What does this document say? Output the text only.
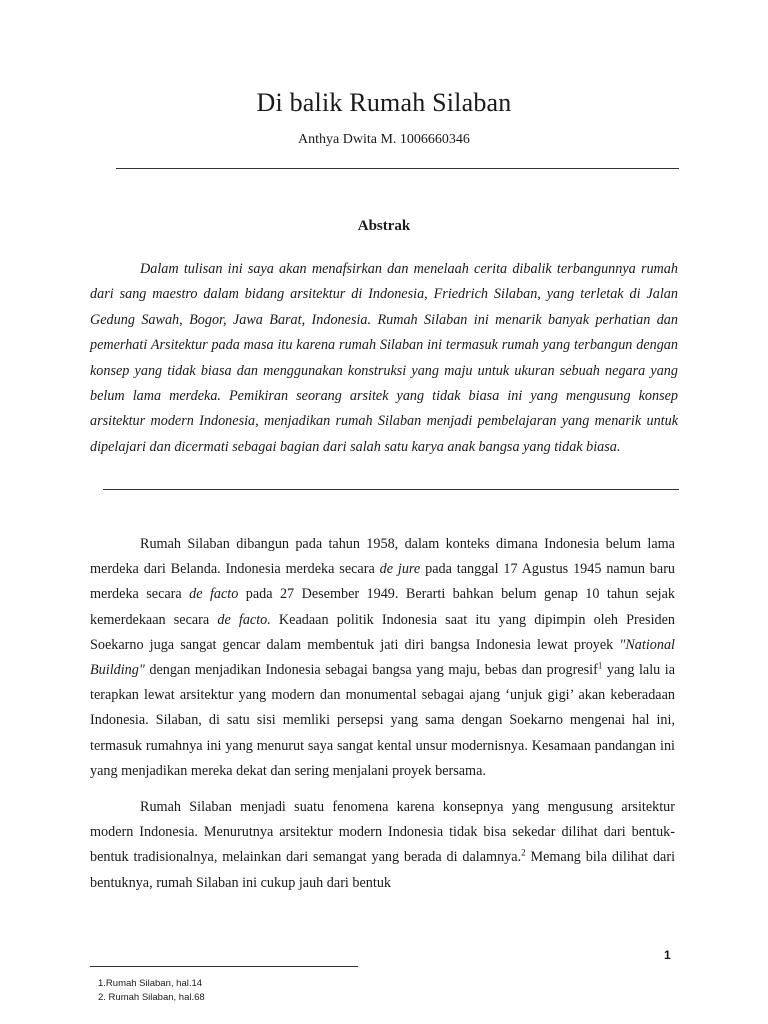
Di balik Rumah Silaban
Anthya Dwita M. 1006660346
Abstrak

Dalam tulisan ini saya akan menafsirkan dan menelaah cerita dibalik terbangunnya rumah dari sang maestro dalam bidang arsitektur di Indonesia, Friedrich Silaban, yang terletak di Jalan Gedung Sawah, Bogor, Jawa Barat, Indonesia. Rumah Silaban ini menarik banyak perhatian dan pemerhati Arsitektur pada masa itu karena rumah Silaban ini termasuk rumah yang terbangun dengan konsep yang tidak biasa dan menggunakan konstruksi yang maju untuk ukuran sebuah negara yang belum lama merdeka. Pemikiran seorang arsitek yang tidak biasa ini yang mengusung konsep arsitektur modern Indonesia, menjadikan rumah Silaban menjadi pembelajaran yang menarik untuk dipelajari dan dicermati sebagai bagian dari salah satu karya anak bangsa yang tidak biasa.

Rumah Silaban dibangun pada tahun 1958, dalam konteks dimana Indonesia belum lama merdeka dari Belanda. Indonesia merdeka secara de jure pada tanggal 17 Agustus 1945 namun baru merdeka secara de facto pada 27 Desember 1949. Berarti bahkan belum genap 10 tahun sejak kemerdekaan secara de facto. Keadaan politik Indonesia saat itu yang dipimpin oleh Presiden Soekarno juga sangat gencar dalam membentuk jati diri bangsa Indonesia lewat proyek "National Building" dengan menjadikan Indonesia sebagai bangsa yang maju, bebas dan progresif$^1$ yang lalu ia terapkan lewat arsitektur yang modern dan monumental sebagai ajang ‘unjuk gigi’ akan keberadaan Indonesia. Silaban, di satu sisi memliki persepsi yang sama dengan Soekarno mengenai hal ini, termasuk rumahnya ini yang menurut saya sangat kental unsur modernisnya. Kesamaan pandangan ini yang menjadikan mereka dekat dan sering menjalani proyek bersama.

Rumah Silaban menjadi suatu fenomena karena konsepnya yang mengusung arsitektur modern Indonesia. Menurutnya arsitektur modern Indonesia tidak bisa sekedar dilihat dari bentuk-bentuk tradisionalnya, melainkan dari semangat yang berada di dalamnya.$^2$ Memang bila dilihat dari bentuknya, rumah Silaban ini cukup jauh dari bentuk

1
1.Rumah Silaban, hal.14
2. Rumah Silaban, hal.68
